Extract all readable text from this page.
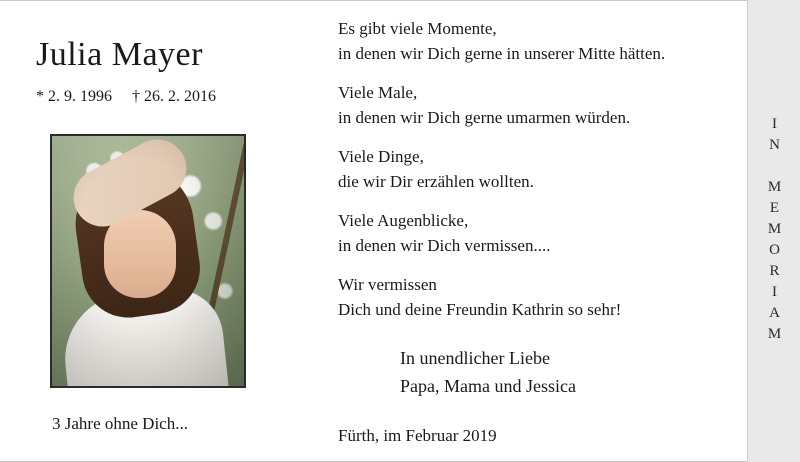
Julia Mayer
* 2. 9. 1996 † 26. 2. 2016
3 Jahre ohne Dich...
Es gibt viele Momente,
in denen wir Dich gerne in unserer Mitte hätten.
Viele Male,
in denen wir Dich gerne umarmen würden.
Viele Dinge,
die wir Dir erzählen wollten.
Viele Augenblicke,
in denen wir Dich vermissen....
Wir vermissen
Dich und deine Freundin Kathrin so sehr!
In unendlicher Liebe
Papa, Mama und Jessica
Fürth, im Februar 2019
IN MEMORIAM
